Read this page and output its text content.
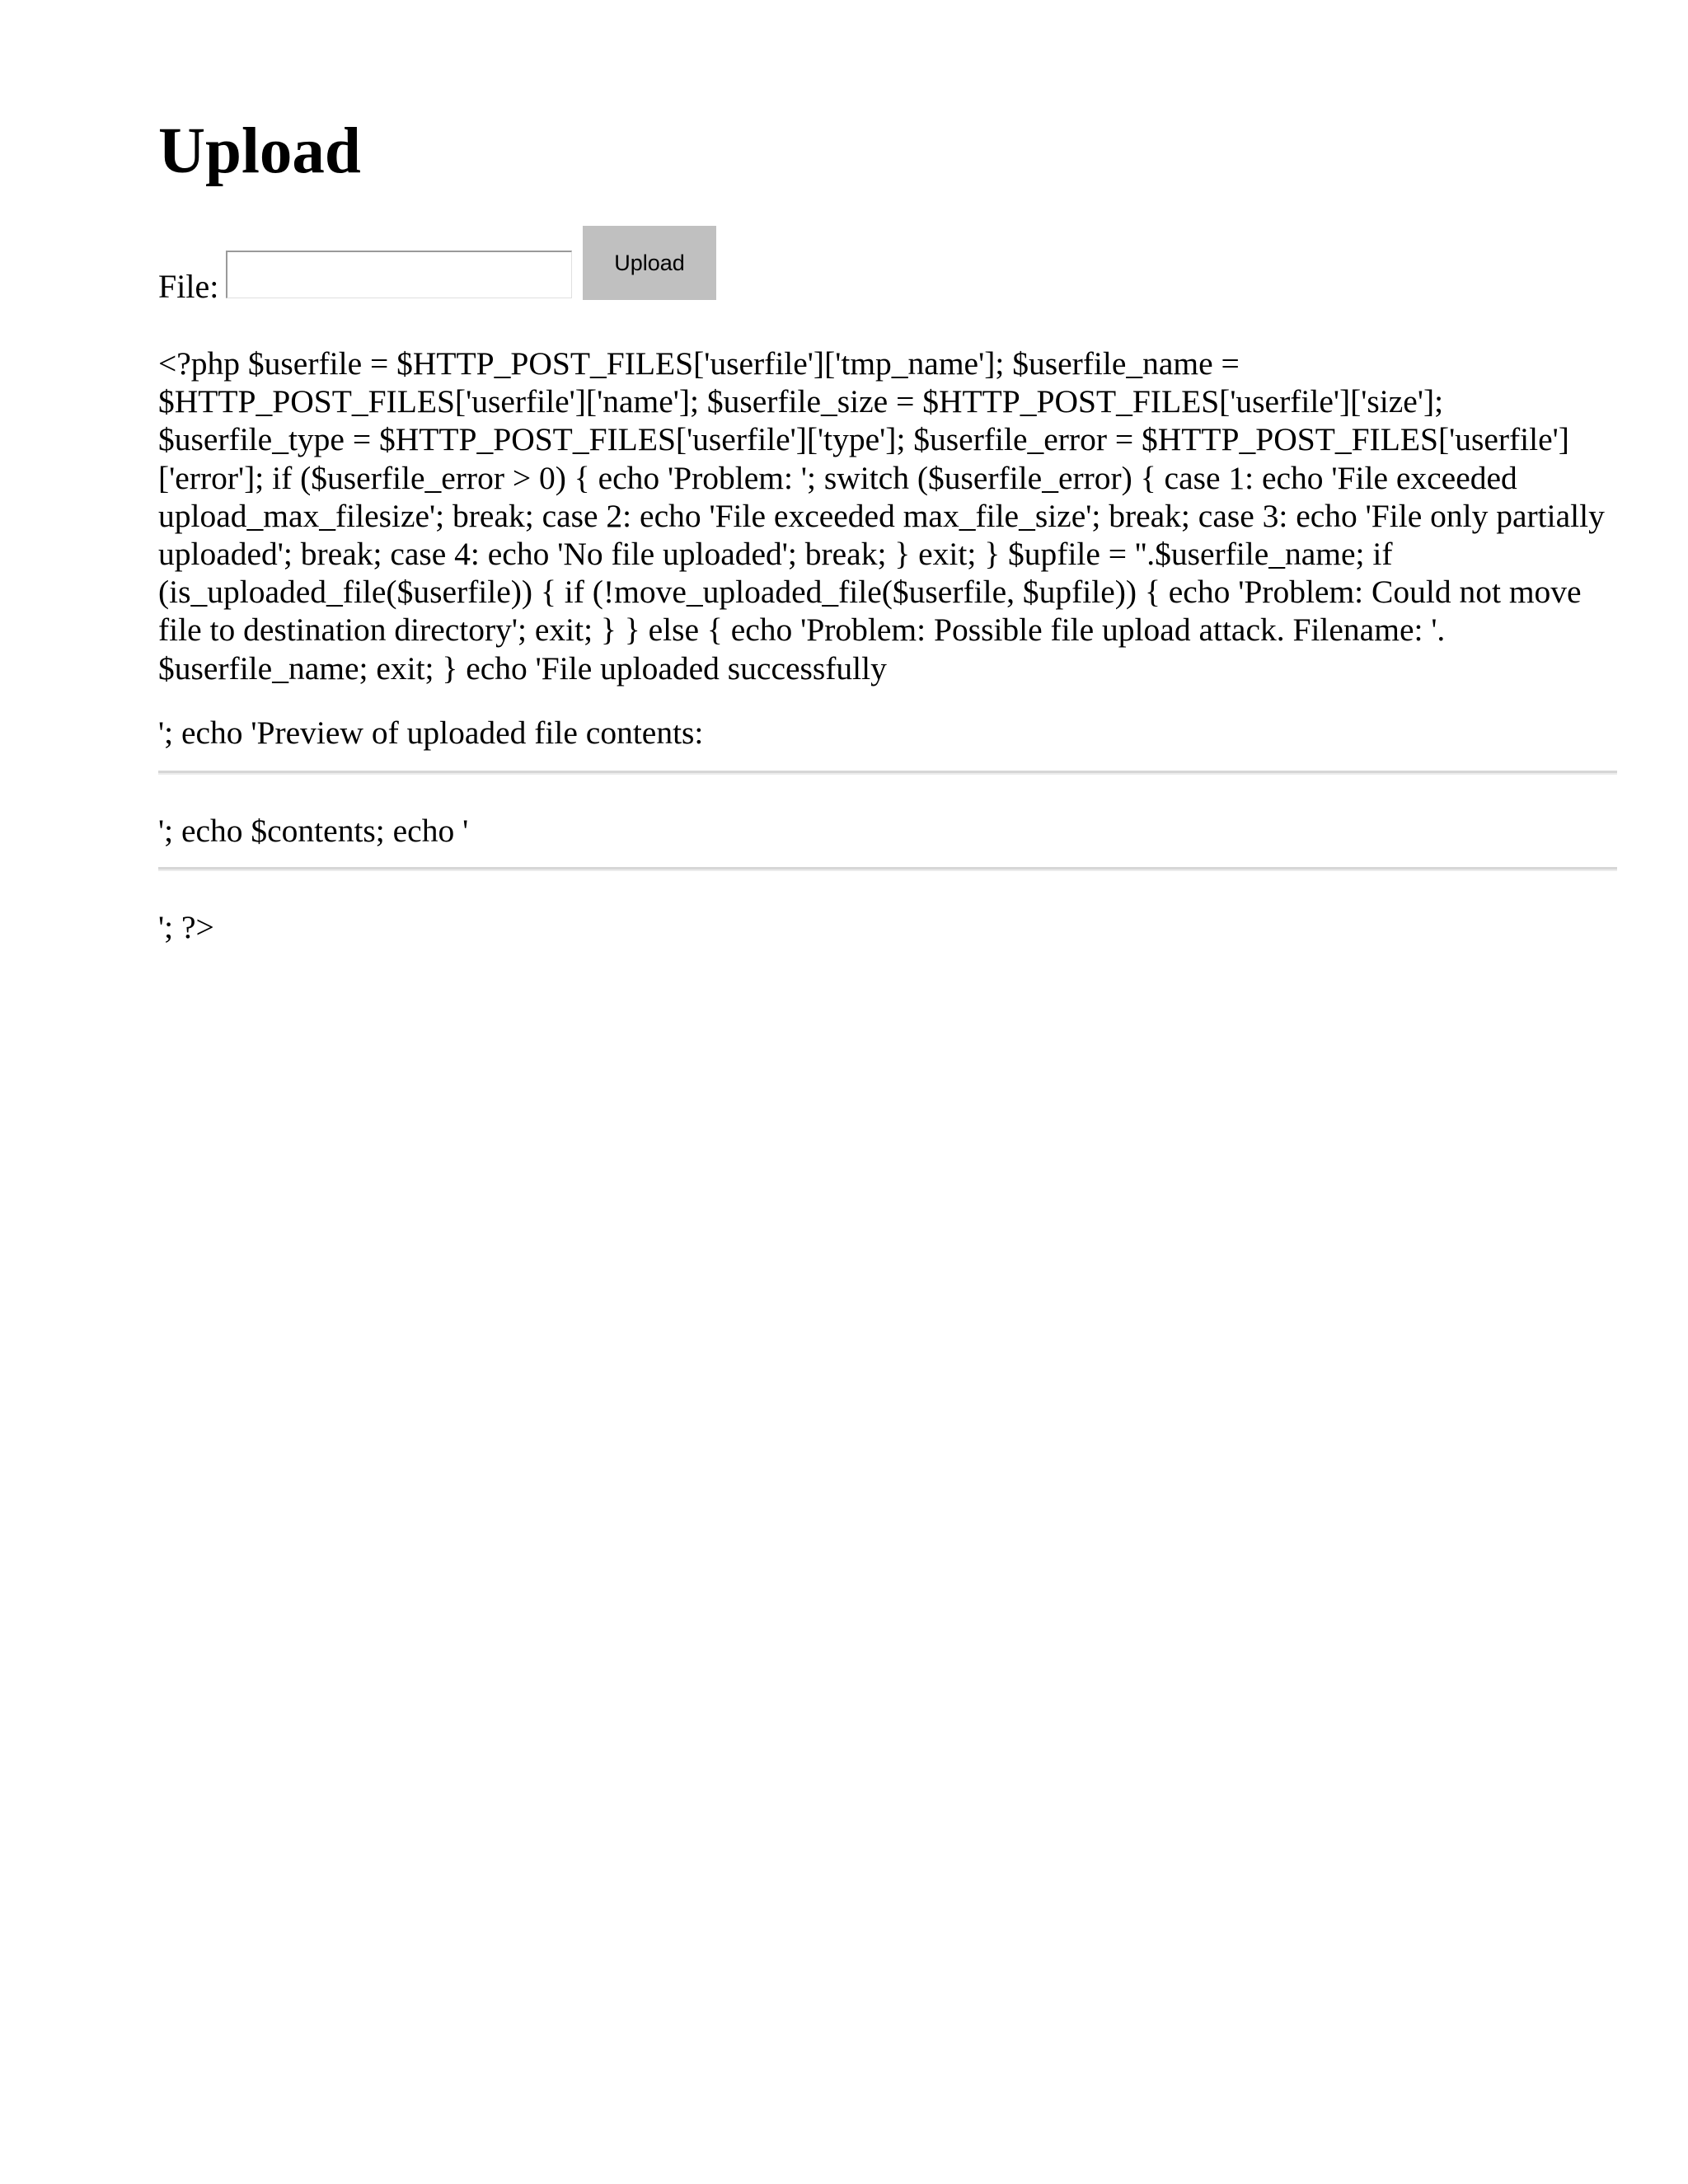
Upload
File:
Upload

<?php $userfile = $HTTP_POST_FILES['userfile']['tmp_name']; $userfile_name = $HTTP_POST_FILES['userfile']['name']; $userfile_size = $HTTP_POST_FILES['userfile']['size']; $userfile_type = $HTTP_POST_FILES['userfile']['type']; $userfile_error = $HTTP_POST_FILES['userfile'] ['error']; if ($userfile_error > 0) { echo 'Problem: '; switch ($userfile_error) { case 1: echo 'File exceeded upload_max_filesize'; break; case 2: echo 'File exceeded max_file_size'; break; case 3: echo 'File only partially uploaded'; break; case 4: echo 'No file uploaded'; break; } exit; } $upfile = ''.$userfile_name; if (is_uploaded_file($userfile)) { if (!move_uploaded_file($userfile, $upfile)) { echo 'Problem: Could not move file to destination directory'; exit; } } else { echo 'Problem: Possible file upload attack. Filename: '. $userfile_name; exit; } echo 'File uploaded successfully

'; echo 'Preview of uploaded file contents:

'; echo $contents; echo '

'; ?>
